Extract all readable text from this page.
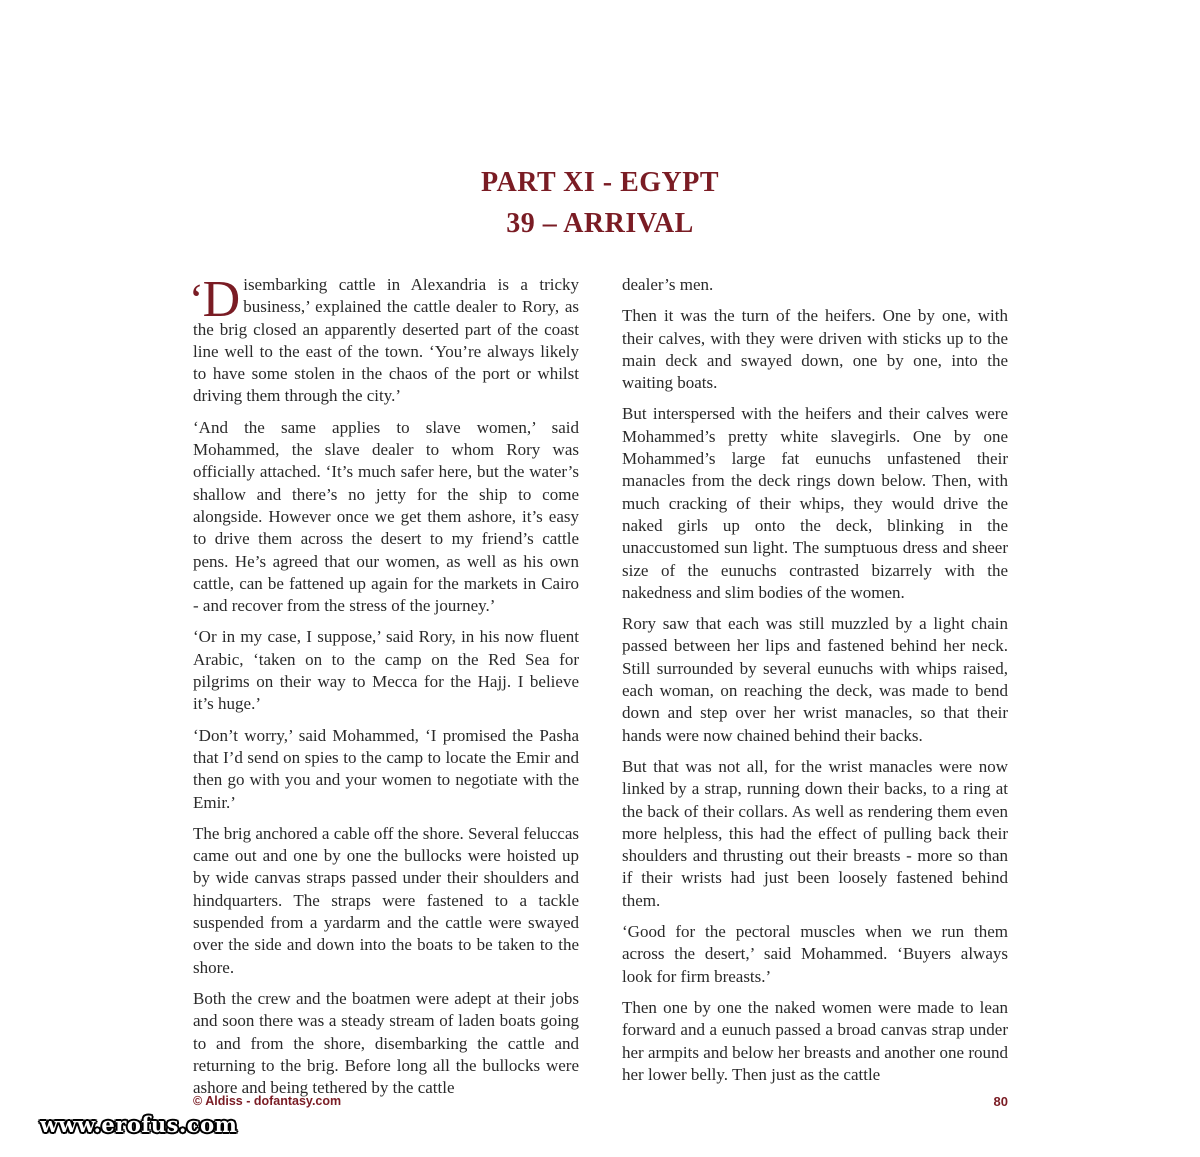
PART XI - EGYPT
39 – ARRIVAL

‘D isembarking cattle in Alexandria is a tricky business,’ explained the cattle dealer to Rory, as the brig closed an apparently deserted part of the coast line well to the east of the town. ‘You’re always likely to have some stolen in the chaos of the port or whilst driving them through the city.’

‘And the same applies to slave women,’ said Mohammed, the slave dealer to whom Rory was officially attached. ‘It’s much safer here, but the water’s shallow and there’s no jetty for the ship to come alongside. However once we get them ashore, it’s easy to drive them across the desert to my friend’s cattle pens. He’s agreed that our women, as well as his own cattle, can be fattened up again for the markets in Cairo - and recover from the stress of the journey.’

‘Or in my case, I suppose,’ said Rory, in his now fluent Arabic, ‘taken on to the camp on the Red Sea for pilgrims on their way to Mecca for the Hajj. I believe it’s huge.’

‘Don’t worry,’ said Mohammed, ‘I promised the Pasha that I’d send on spies to the camp to locate the Emir and then go with you and your women to negotiate with the Emir.’

The brig anchored a cable off the shore. Several feluccas came out and one by one the bullocks were hoisted up by wide canvas straps passed under their shoulders and hindquarters. The straps were fastened to a tackle suspended from a yardarm and the cattle were swayed over the side and down into the boats to be taken to the shore.

Both the crew and the boatmen were adept at their jobs and soon there was a steady stream of laden boats going to and from the shore, disembarking the cattle and returning to the brig. Before long all the bullocks were ashore and being tethered by the cattle

dealer’s men.

Then it was the turn of the heifers. One by one, with their calves, with they were driven with sticks up to the main deck and swayed down, one by one, into the waiting boats.

But interspersed with the heifers and their calves were Mohammed’s pretty white slavegirls. One by one Mohammed’s large fat eunuchs unfastened their manacles from the deck rings down below. Then, with much cracking of their whips, they would drive the naked girls up onto the deck, blinking in the unaccustomed sun light. The sumptuous dress and sheer size of the eunuchs contrasted bizarrely with the nakedness and slim bodies of the women.

Rory saw that each was still muzzled by a light chain passed between her lips and fastened behind her neck. Still surrounded by several eunuchs with whips raised, each woman, on reaching the deck, was made to bend down and step over her wrist manacles, so that their hands were now chained behind their backs.

But that was not all, for the wrist manacles were now linked by a strap, running down their backs, to a ring at the back of their collars. As well as rendering them even more helpless, this had the effect of pulling back their shoulders and thrusting out their breasts - more so than if their wrists had just been loosely fastened behind them.

‘Good for the pectoral muscles when we run them across the desert,’ said Mohammed. ‘Buyers always look for firm breasts.’

Then one by one the naked women were made to lean forward and a eunuch passed a broad canvas strap under her armpits and below her breasts and another one round her lower belly. Then just as the cattle

© Aldiss - dofantasy.com	80
www.erofus.com
